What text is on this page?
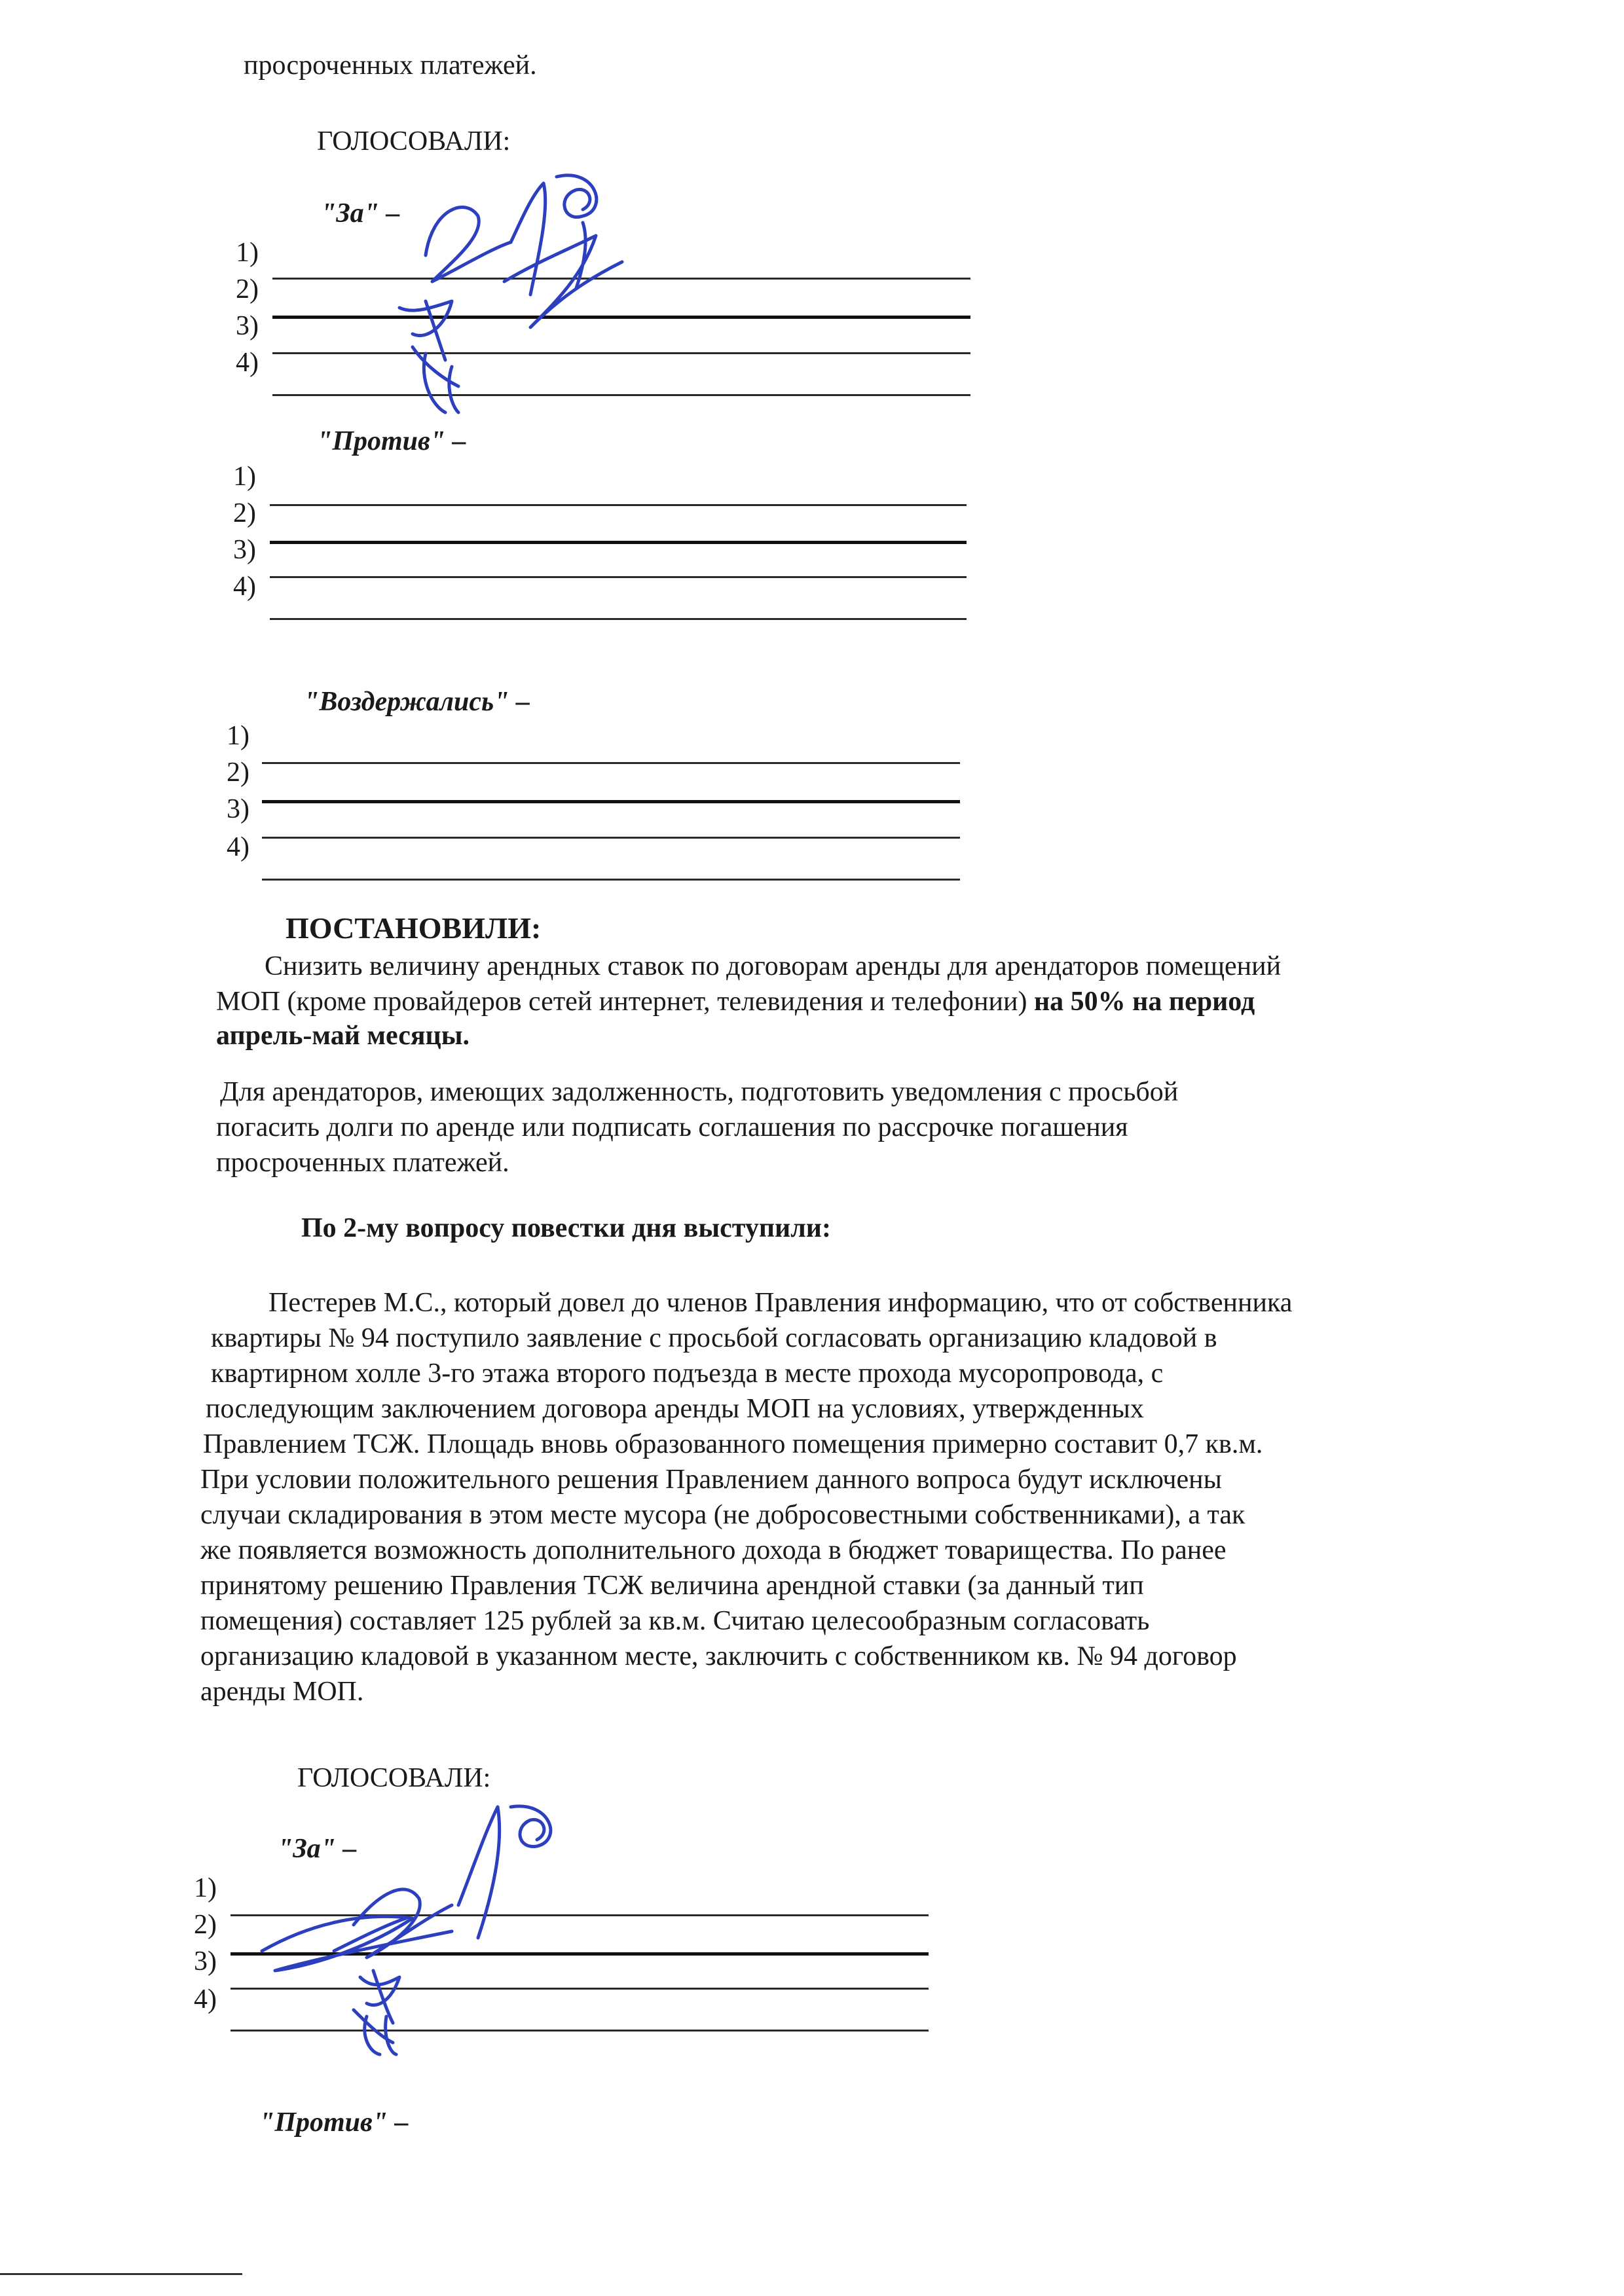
просроченных платежей.
ГОЛОСОВАЛИ:
"За" –
1)
2)
3)
4)
"Против" –
1)
2)
3)
4)
"Воздержались" –
1)
2)
3)
4)
ПОСТАНОВИЛИ:
Снизить величину арендных ставок по договорам аренды для арендаторов помещений
МОП (кроме провайдеров сетей интернет, телевидения и телефонии) на 50% на период
апрель-май месяцы.
Для арендаторов, имеющих задолженность, подготовить уведомления с просьбой
погасить долги по аренде или подписать соглашения по рассрочке погашения
просроченных платежей.
По 2-му вопросу повестки дня выступили:
Пестерев М.С., который довел до членов Правления информацию, что от собственника
квартиры № 94 поступило заявление с просьбой согласовать организацию кладовой в
квартирном холле 3-го этажа второго подъезда в месте прохода мусоропровода, с
последующим заключением договора аренды МОП на условиях, утвержденных
Правлением ТСЖ. Площадь вновь образованного помещения примерно составит 0,7 кв.м.
При условии положительного решения Правлением данного вопроса будут исключены
случаи складирования в этом месте мусора (не добросовестными собственниками), а так
же появляется возможность дополнительного дохода в бюджет товарищества. По ранее
принятому решению Правления ТСЖ величина арендной ставки (за данный тип
помещения) составляет 125 рублей за кв.м. Считаю целесообразным согласовать
организацию кладовой в указанном месте, заключить с собственником кв. № 94 договор
аренды МОП.
ГОЛОСОВАЛИ:
"За" –
1)
2)
3)
4)
"Против" –
